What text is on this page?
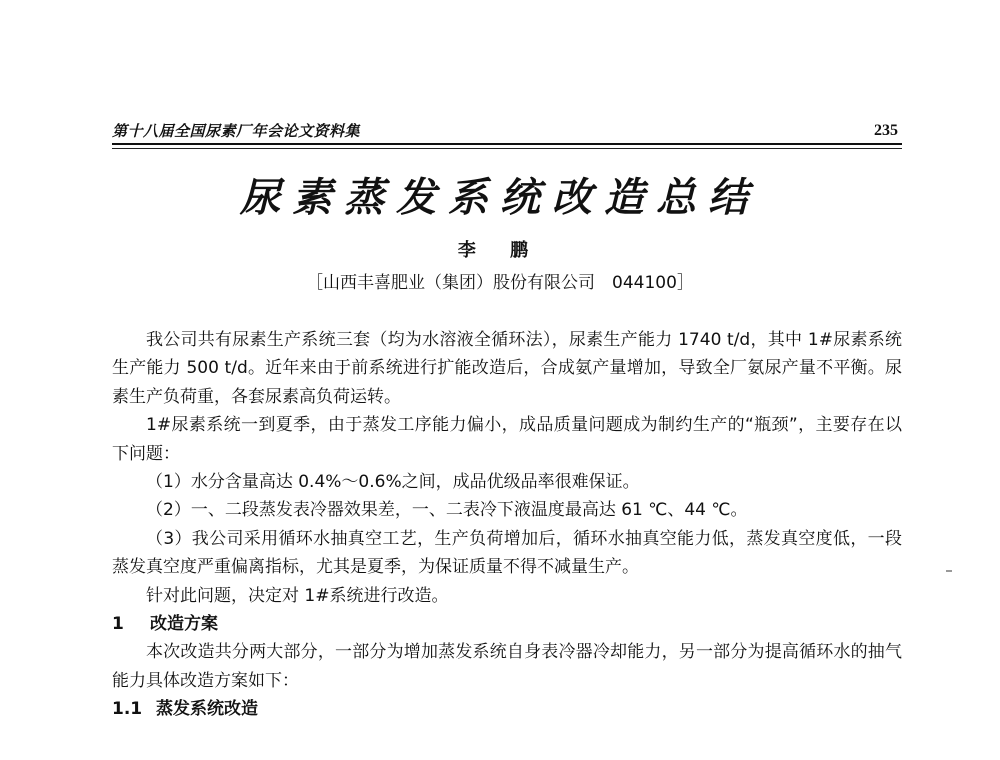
第十八届全国尿素厂年会论文资料集	235
尿素蒸发系统改造总结
李 鹏
［山西丰喜肥业（集团）股份有限公司　044100］

我公司共有尿素生产系统三套（均为水溶液全循环法），尿素生产能力 1740 t/d，其中 1#尿素系统生产能力 500 t/d。近年来由于前系统进行扩能改造后，合成氨产量增加，导致全厂氨尿产量不平衡。尿素生产负荷重，各套尿素高负荷运转。

1#尿素系统一到夏季，由于蒸发工序能力偏小，成品质量问题成为制约生产的“瓶颈”，主要存在以下问题：

（1）水分含量高达 0.4%～0.6%之间，成品优级品率很难保证。

（2）一、二段蒸发表冷器效果差，一、二表冷下液温度最高达 61 ℃、44 ℃。

（3）我公司采用循环水抽真空工艺，生产负荷增加后，循环水抽真空能力低，蒸发真空度低，一段蒸发真空度严重偏离指标，尤其是夏季，为保证质量不得不减量生产。

针对此问题，决定对 1#系统进行改造。

1 改造方案

本次改造共分两大部分，一部分为增加蒸发系统自身表冷器冷却能力，另一部分为提高循环水的抽气能力具体改造方案如下：

1.1 蒸发系统改造
